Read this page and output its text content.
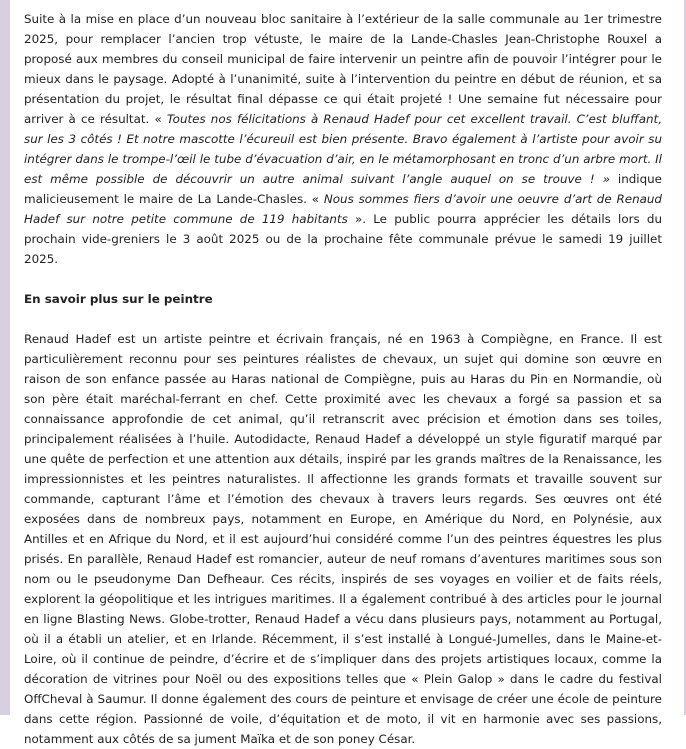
Suite à la mise en place d’un nouveau bloc sanitaire à l’extérieur de la salle communale au 1er trimestre 2025, pour remplacer l’ancien trop vétuste, le maire de la Lande-Chasles Jean-Christophe Rouxel a proposé aux membres du conseil municipal de faire intervenir un peintre afin de pouvoir l’intégrer pour le mieux dans le paysage. Adopté à l’unanimité, suite à l’intervention du peintre en début de réunion, et sa présentation du projet, le résultat final dépasse ce qui était projeté ! Une semaine fut nécessaire pour arriver à ce résultat. « Toutes nos félicitations à Renaud Hadef pour cet excellent travail. C’est bluffant, sur les 3 côtés ! Et notre mascotte l’écureuil est bien présente. Bravo également à l’artiste pour avoir su intégrer dans le trompe-l’œil le tube d’évacuation d’air, en le métamorphosant en tronc d’un arbre mort. Il est même possible de découvrir un autre animal suivant l’angle auquel on se trouve ! » indique malicieusement le maire de La Lande-Chasles. « Nous sommes fiers d’avoir une oeuvre d’art de Renaud Hadef sur notre petite commune de 119 habitants ». Le public pourra apprécier les détails lors du prochain vide-greniers le 3 août 2025 ou de la prochaine fête communale prévue le samedi 19 juillet 2025.

En savoir plus sur le peintre

Renaud Hadef est un artiste peintre et écrivain français, né en 1963 à Compiègne, en France. Il est particulièrement reconnu pour ses peintures réalistes de chevaux, un sujet qui domine son œuvre en raison de son enfance passée au Haras national de Compiègne, puis au Haras du Pin en Normandie, où son père était maréchal-ferrant en chef. Cette proximité avec les chevaux a forgé sa passion et sa connaissance approfondie de cet animal, qu’il retranscrit avec précision et émotion dans ses toiles, principalement réalisées à l’huile. Autodidacte, Renaud Hadef a développé un style figuratif marqué par une quête de perfection et une attention aux détails, inspiré par les grands maîtres de la Renaissance, les impressionnistes et les peintres naturalistes. Il affectionne les grands formats et travaille souvent sur commande, capturant l’âme et l’émotion des chevaux à travers leurs regards. Ses œuvres ont été exposées dans de nombreux pays, notamment en Europe, en Amérique du Nord, en Polynésie, aux Antilles et en Afrique du Nord, et il est aujourd’hui considéré comme l’un des peintres équestres les plus prisés. En parallèle, Renaud Hadef est romancier, auteur de neuf romans d’aventures maritimes sous son nom ou le pseudonyme Dan Defheaur. Ces récits, inspirés de ses voyages en voilier et de faits réels, explorent la géopolitique et les intrigues maritimes. Il a également contribué à des articles pour le journal en ligne Blasting News. Globe-trotter, Renaud Hadef a vécu dans plusieurs pays, notamment au Portugal, où il a établi un atelier, et en Irlande. Récemment, il s’est installé à Longué-Jumelles, dans le Maine-et-Loire, où il continue de peindre, d’écrire et de s’impliquer dans des projets artistiques locaux, comme la décoration de vitrines pour Noël ou des expositions telles que « Plein Galop » dans le cadre du festival OffCheval à Saumur. Il donne également des cours de peinture et envisage de créer une école de peinture dans cette région. Passionné de voile, d’équitation et de moto, il vit en harmonie avec ses passions, notamment aux côtés de sa jument Maïka et de son poney César.
